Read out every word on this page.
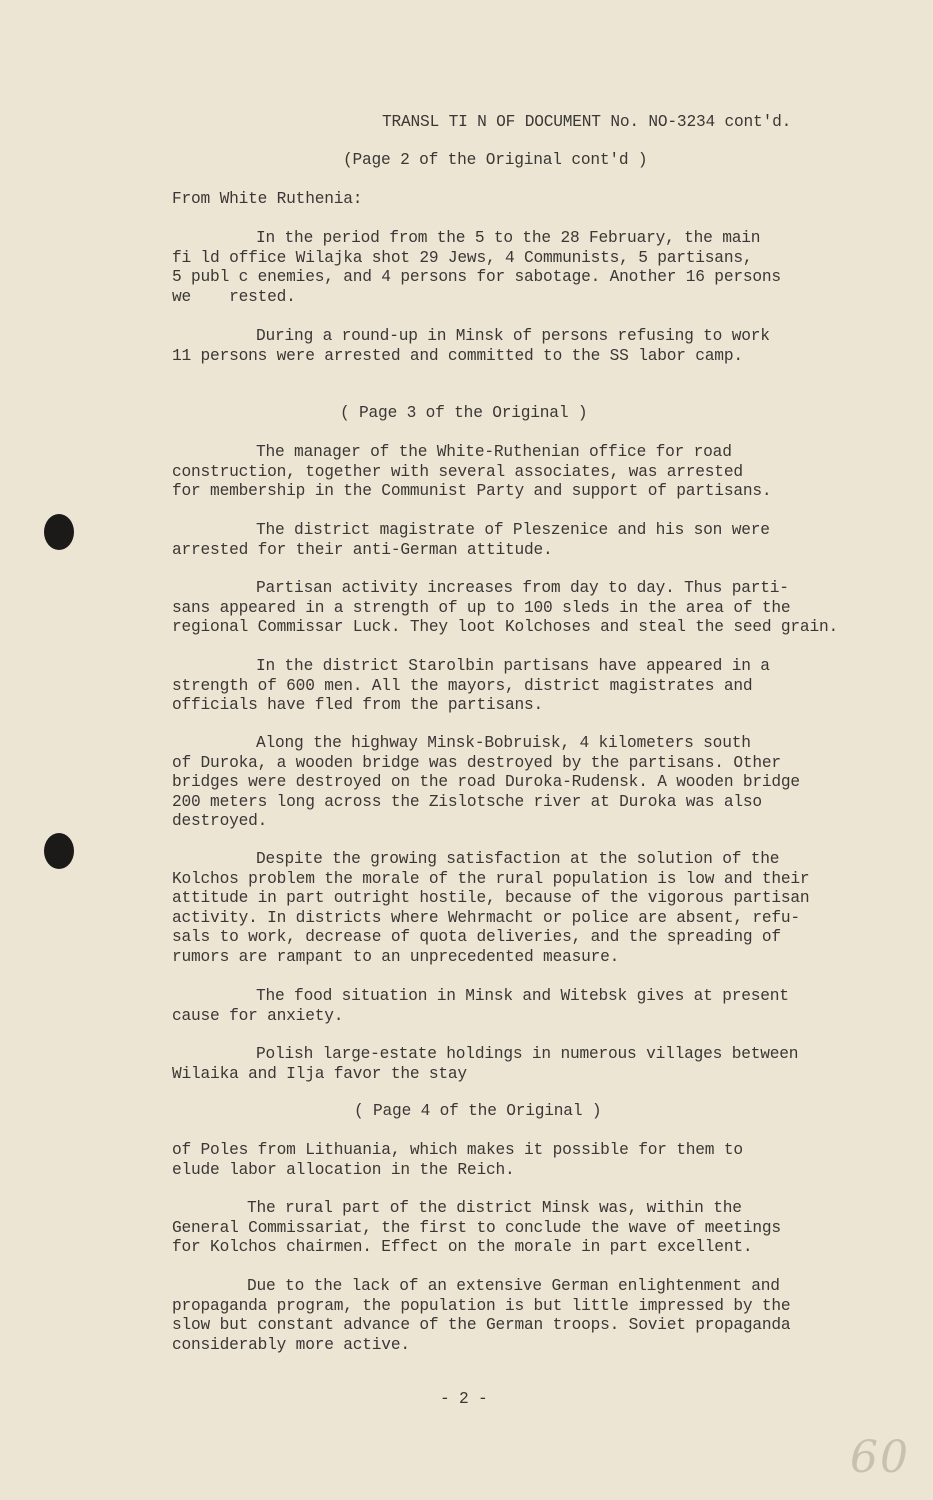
TRANSL TI N OF DOCUMENT No. NO-3234 cont'd.
(Page 2 of the Original cont'd )
From White Ruthenia:
In the period from the 5 to the 28 February, the main
fi ld office Wilajka shot 29 Jews, 4 Communists, 5 partisans,
5 publ c enemies, and 4 persons for sabotage. Another 16 persons
we    rested.
During a round-up in Minsk of persons refusing to work
11 persons were arrested and committed to the SS labor camp.
( Page 3 of the Original )
The manager of the White-Ruthenian office for road
construction, together with several associates, was arrested
for membership in the Communist Party and support of partisans.
The district magistrate of Pleszenice and his son were
arrested for their anti-German attitude.
Partisan activity increases from day to day. Thus parti-
sans appeared in a strength of up to 100 sleds in the area of the
regional Commissar Luck. They loot Kolchoses and steal the seed grain.
In the district Starolbin partisans have appeared in a
strength of 600 men. All the mayors, district magistrates and
officials have fled from the partisans.
Along the highway Minsk-Bobruisk, 4 kilometers south
of Duroka, a wooden bridge was destroyed by the partisans. Other
bridges were destroyed on the road Duroka-Rudensk. A wooden bridge
200 meters long across the Zislotsche river at Duroka was also
destroyed.
Despite the growing satisfaction at the solution of the
Kolchos problem the morale of the rural population is low and their
attitude in part outright hostile, because of the vigorous partisan
activity. In districts where Wehrmacht or police are absent, refu-
sals to work, decrease of quota deliveries, and the spreading of
rumors are rampant to an unprecedented measure.
The food situation in Minsk and Witebsk gives at present
cause for anxiety.
Polish large-estate holdings in numerous villages between
Wilaika and Ilja favor the stay
( Page 4 of the Original )
of Poles from Lithuania, which makes it possible for them to
elude labor allocation in the Reich.
The rural part of the district Minsk was, within the
General Commissariat, the first to conclude the wave of meetings
for Kolchos chairmen. Effect on the morale in part excellent.
Due to the lack of an extensive German enlightenment and
propaganda program, the population is but little impressed by the
slow but constant advance of the German troops. Soviet propaganda
considerably more active.
- 2 -
60
